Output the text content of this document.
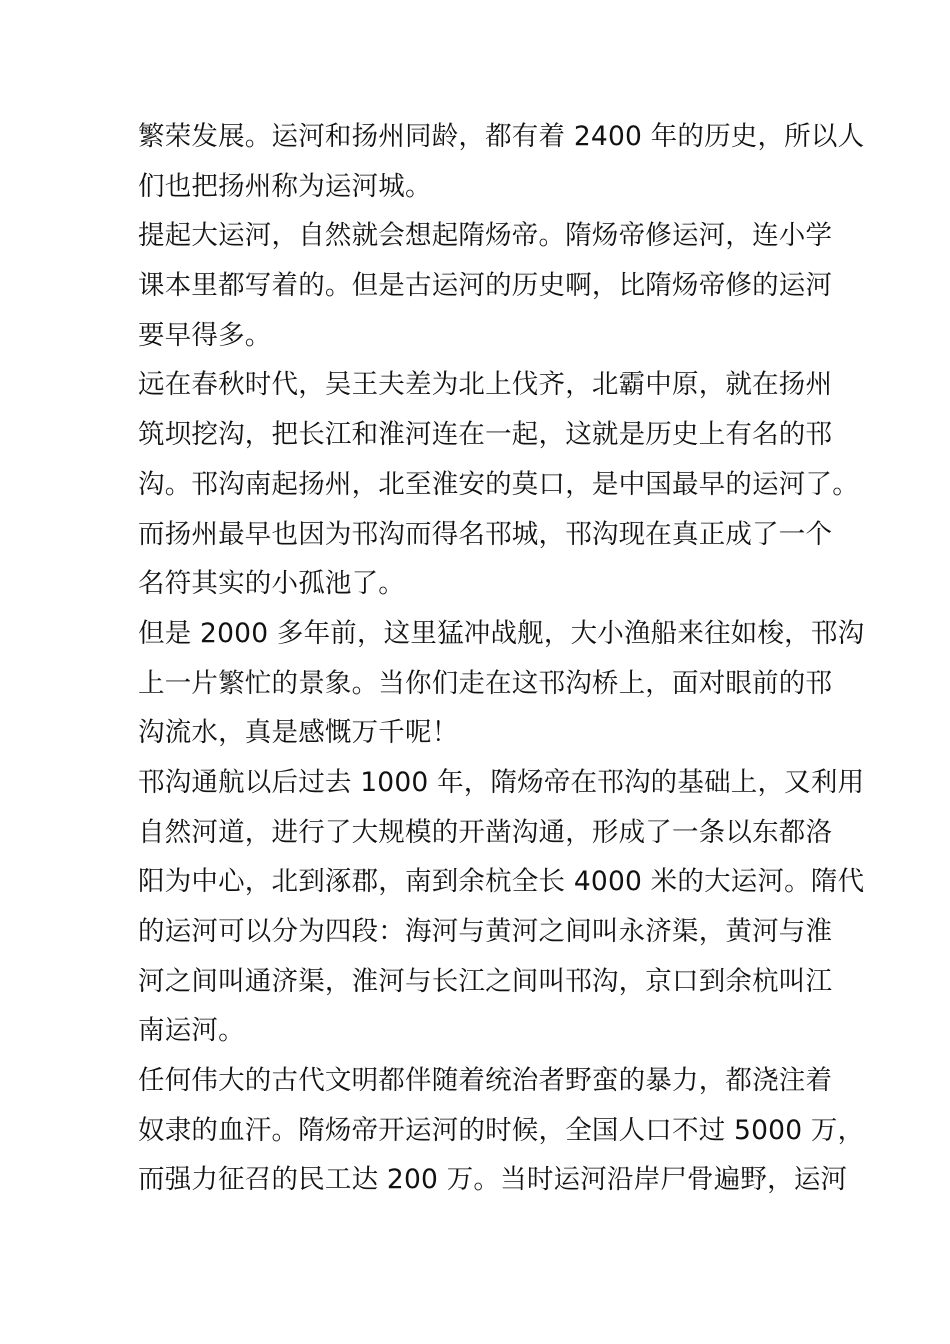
繁荣发展。运河和扬州同龄，都有着 2400 年的历史，所以人
们也把扬州称为运河城。
提起大运河，自然就会想起隋炀帝。隋炀帝修运河，连小学
课本里都写着的。但是古运河的历史啊，比隋炀帝修的运河
要早得多。
远在春秋时代，吴王夫差为北上伐齐，北霸中原，就在扬州
筑坝挖沟，把长江和淮河连在一起，这就是历史上有名的邗
沟。邗沟南起扬州，北至淮安的莫口，是中国最早的运河了。
而扬州最早也因为邗沟而得名邗城，邗沟现在真正成了一个
名符其实的小孤池了。
但是 2000 多年前，这里猛冲战舰，大小渔船来往如梭，邗沟
上一片繁忙的景象。当你们走在这邗沟桥上，面对眼前的邗
沟流水，真是感慨万千呢！
邗沟通航以后过去 1000 年，隋炀帝在邗沟的基础上，又利用
自然河道，进行了大规模的开凿沟通，形成了一条以东都洛
阳为中心，北到涿郡，南到余杭全长 4000 米的大运河。隋代
的运河可以分为四段：海河与黄河之间叫永济渠，黄河与淮
河之间叫通济渠，淮河与长江之间叫邗沟，京口到余杭叫江
南运河。
任何伟大的古代文明都伴随着统治者野蛮的暴力，都浇注着
奴隶的血汗。隋炀帝开运河的时候，全国人口不过 5000 万，
而强力征召的民工达 200 万。当时运河沿岸尸骨遍野，运河
